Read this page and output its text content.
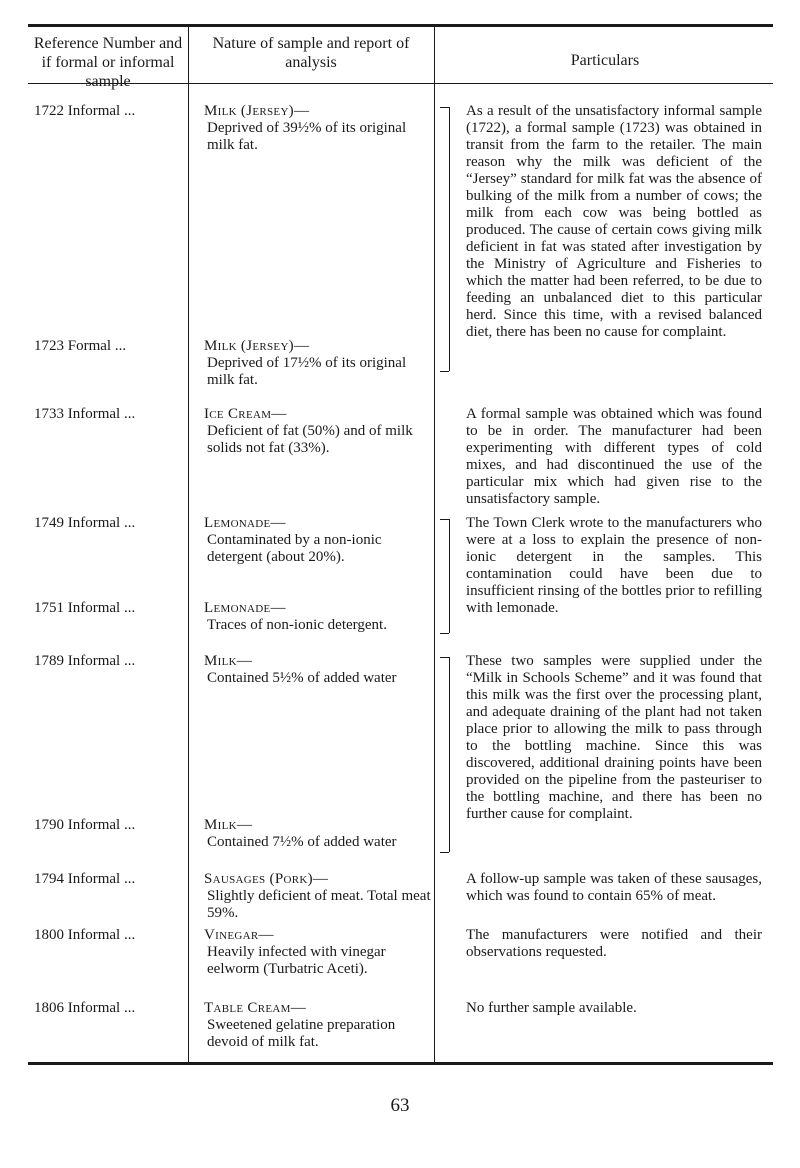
Reference Number and if formal or informal sample
Nature of sample and report of analysis	Particulars
1722 Informal ...
1723 Formal ...
1733 Informal ...
1749 Informal ...
1751 Informal ...
1789 Informal ...
1790 Informal ...
1794 Informal ...
1800 Informal ...
1806 Informal ...
Milk (Jersey)—
Deprived of 39½% of its original milk fat.
Milk (Jersey)—
Deprived of 17½% of its original milk fat.
Ice Cream—
Deficient of fat (50%) and of milk solids not fat (33%).
Lemonade—
Contaminated by a non-ionic detergent (about 20%).
Lemonade—
Traces of non-ionic detergent.
Milk—
Contained 5½% of added water
Milk—
Contained 7½% of added water
Sausages (Pork)—
Slightly deficient of meat. Total meat 59%.
Vinegar—
Heavily infected with vinegar eelworm (Turbatric Aceti).
As a result of the unsatisfactory informal sample (1722), a formal sample (1723) was obtained in transit from the farm to the retailer. The main reason why the milk was deficient of the “Jersey” standard for milk fat was the absence of bulking of the milk from a number of cows; the milk from each cow was being bottled as produced. The cause of certain cows giving milk deficient in fat was stated after investigation by the Ministry of Agriculture and Fisheries to which the matter had been referred, to be due to feeding an unbalanced diet to this particular herd. Since this time, with a revised balanced diet, there has been no cause for complaint.
A formal sample was obtained which was found to be in order. The manufacturer had been experimenting with different types of cold mixes, and had discontinued the use of the particular mix which had given rise to the unsatisfactory sample.
The Town Clerk wrote to the manufacturers who were at a loss to explain the presence of non-ionic detergent in the samples. This contamination could have been due to insufficient rinsing of the bottles prior to refilling with lemonade.
These two samples were supplied under the “Milk in Schools Scheme” and it was found that this milk was the first over the processing plant, and adequate draining of the plant had not taken place prior to allowing the milk to pass through to the bottling machine. Since this was discovered, additional draining points have been provided on the pipeline from the pasteuriser to the bottling machine, and there has been no further cause for complaint.
A follow-up sample was taken of these sausages, which was found to contain 65% of meat.
The manufacturers were notified and their observations requested.
Table Cream—
Sweetened gelatine preparation devoid of milk fat.
No further sample available.
63
